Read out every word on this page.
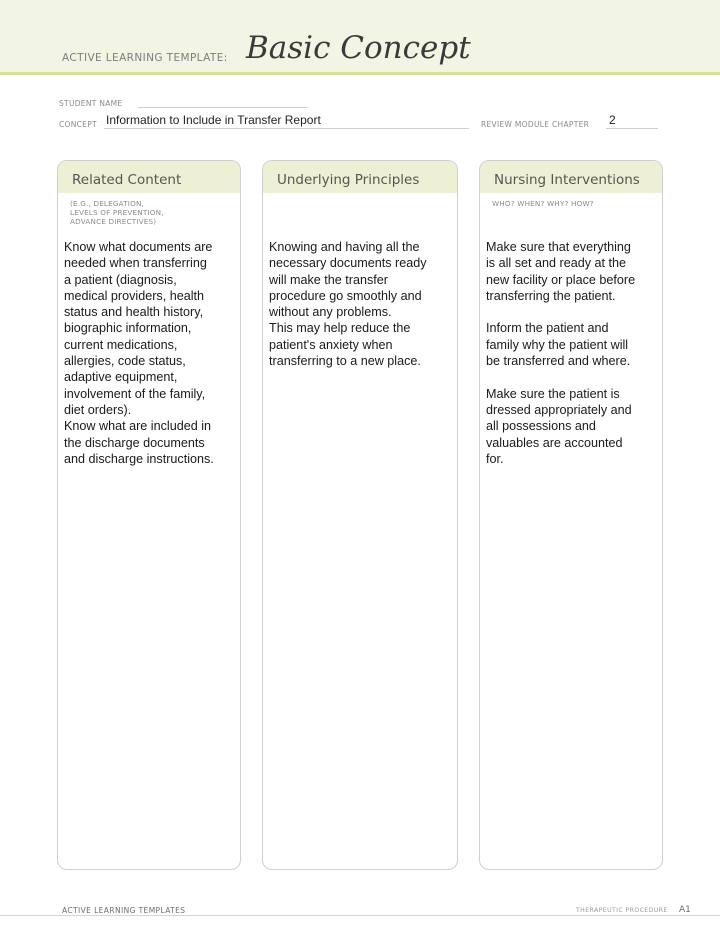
ACTIVE LEARNING TEMPLATE: Basic Concept
STUDENT NAME
CONCEPT Information to Include in Transfer Report	REVIEW MODULE CHAPTER 2
Related Content
(E.G., DELEGATION,
LEVELS OF PREVENTION,
ADVANCE DIRECTIVES)
Know what documents are
needed when transferring
a patient (diagnosis,
medical providers, health
status and health history,
biographic information,
current medications,
allergies, code status,
adaptive equipment,
involvement of the family,
diet orders).
Know what are included in
the discharge documents
and discharge instructions.
Underlying Principles
Knowing and having all the
necessary documents ready
will make the transfer
procedure go smoothly and
without any problems.
This may help reduce the
patient's anxiety when
transferring to a new place.
Nursing Interventions
WHO? WHEN? WHY? HOW?
Make sure that everything
is all set and ready at the
new facility or place before
transferring the patient.

Inform the patient and
family why the patient will
be transferred and where.

Make sure the patient is
dressed appropriately and
all possessions and
valuables are accounted
for.
ACTIVE LEARNING TEMPLATES	THERAPEUTIC PROCEDURE A1
